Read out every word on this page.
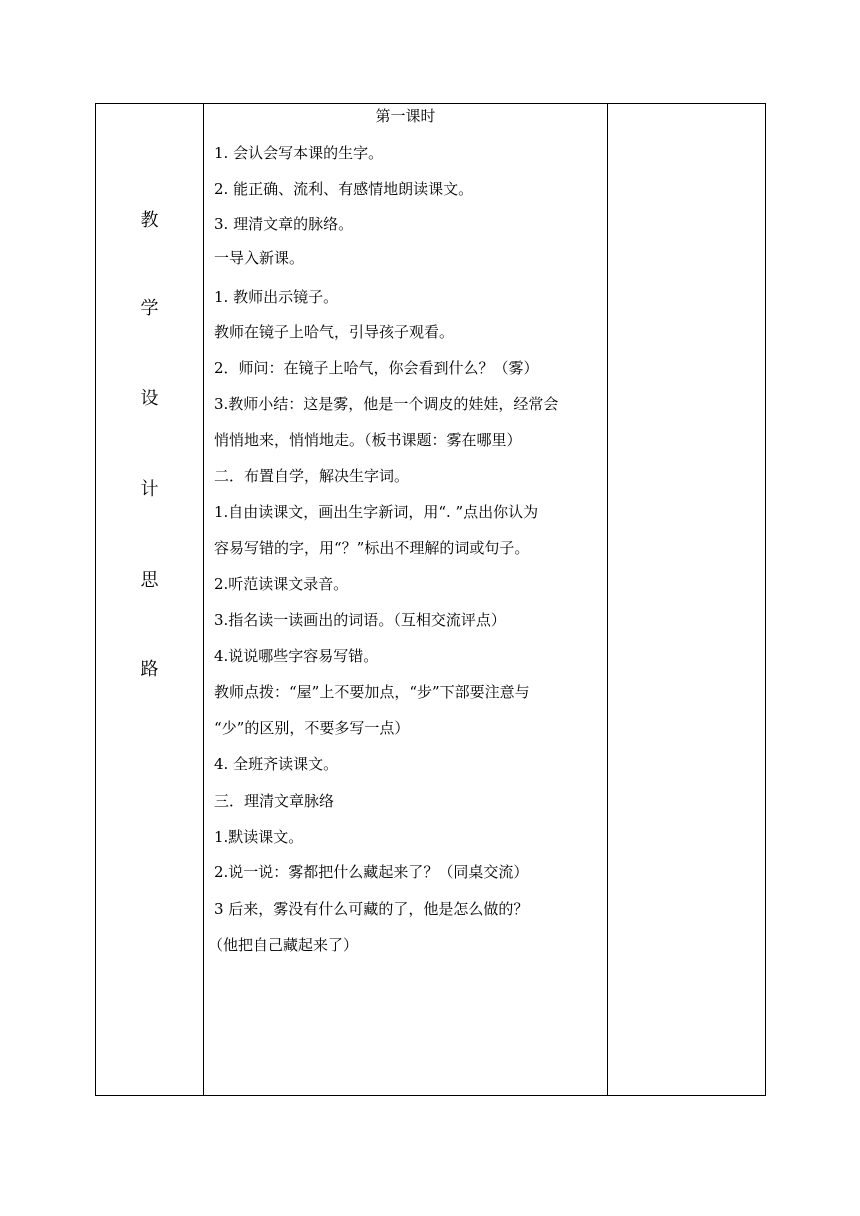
教
学
设
计
思
路
第一课时
1. 会认会写本课的生字。
2. 能正确、流利、有感情地朗读课文。
3. 理清文章的脉络。
一导入新课。
1. 教师出示镜子。
教师在镜子上哈气，引导孩子观看。
2．师问：在镜子上哈气，你会看到什么？（雾）
3.教师小结：这是雾，他是一个调皮的娃娃，经常会
悄悄地来，悄悄地走。（板书课题：雾在哪里）
二．布置自学，解决生字词。
1.自由读课文，画出生字新词，用“. ”点出你认为
容易写错的字，用“？”标出不理解的词或句子。
2.听范读课文录音。
3.指名读一读画出的词语。（互相交流评点）
4.说说哪些字容易写错。
教师点拨：“屋”上不要加点，“步”下部要注意与
“少”的区别，不要多写一点）
4. 全班齐读课文。
三．理清文章脉络
1.默读课文。
2.说一说：雾都把什么藏起来了？（同桌交流）
3 后来，雾没有什么可藏的了，他是怎么做的？
（他把自己藏起来了）
